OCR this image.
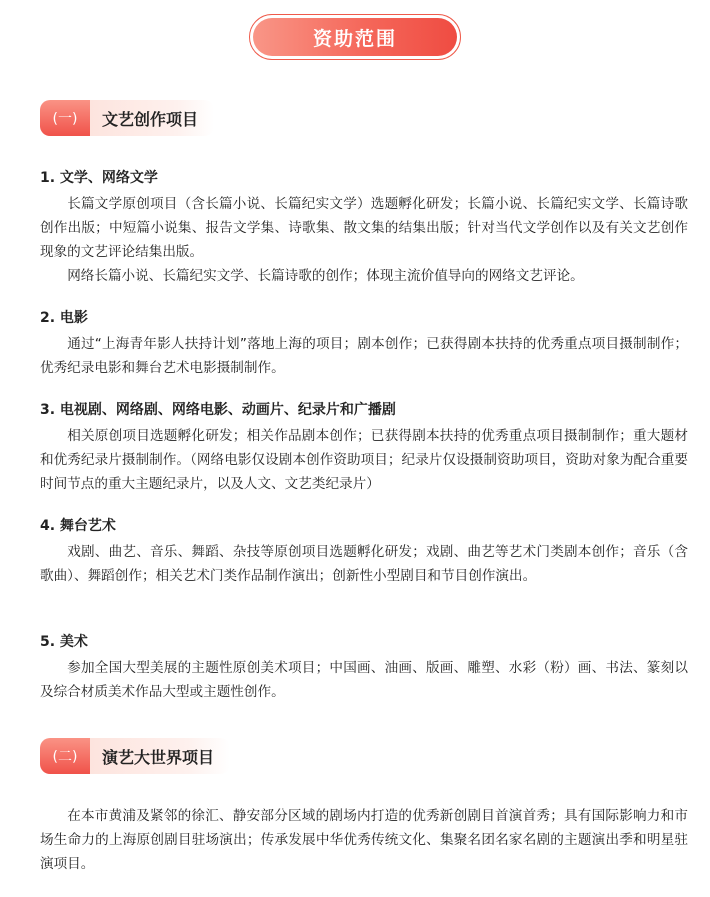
资助范围
(一)	文艺创作项目
1. 文学、网络文学

长篇文学原创项目（含长篇小说、长篇纪实文学）选题孵化研发；长篇小说、长篇纪实文学、长篇诗歌创作出版；中短篇小说集、报告文学集、诗歌集、散文集的结集出版；针对当代文学创作以及有关文艺创作现象的文艺评论结集出版。

网络长篇小说、长篇纪实文学、长篇诗歌的创作；体现主流价值导向的网络文艺评论。

2. 电影

通过“上海青年影人扶持计划”落地上海的项目；剧本创作；已获得剧本扶持的优秀重点项目摄制制作；优秀纪录电影和舞台艺术电影摄制制作。

3. 电视剧、网络剧、网络电影、动画片、纪录片和广播剧

相关原创项目选题孵化研发；相关作品剧本创作；已获得剧本扶持的优秀重点项目摄制制作；重大题材和优秀纪录片摄制制作。（网络电影仅设剧本创作资助项目；纪录片仅设摄制资助项目，资助对象为配合重要时间节点的重大主题纪录片，以及人文、文艺类纪录片）

4. 舞台艺术

戏剧、曲艺、音乐、舞蹈、杂技等原创项目选题孵化研发；戏剧、曲艺等艺术门类剧本创作；音乐（含歌曲）、舞蹈创作；相关艺术门类作品制作演出；创新性小型剧目和节目创作演出。

5. 美术

参加全国大型美展的主题性原创美术项目；中国画、油画、版画、雕塑、水彩（粉）画、书法、篆刻以及综合材质美术作品大型或主题性创作。

(二)	演艺大世界项目

在本市黄浦及紧邻的徐汇、静安部分区域的剧场内打造的优秀新创剧目首演首秀；具有国际影响力和市场生命力的上海原创剧目驻场演出；传承发展中华优秀传统文化、集聚名团名家名剧的主题演出季和明星驻演项目。
